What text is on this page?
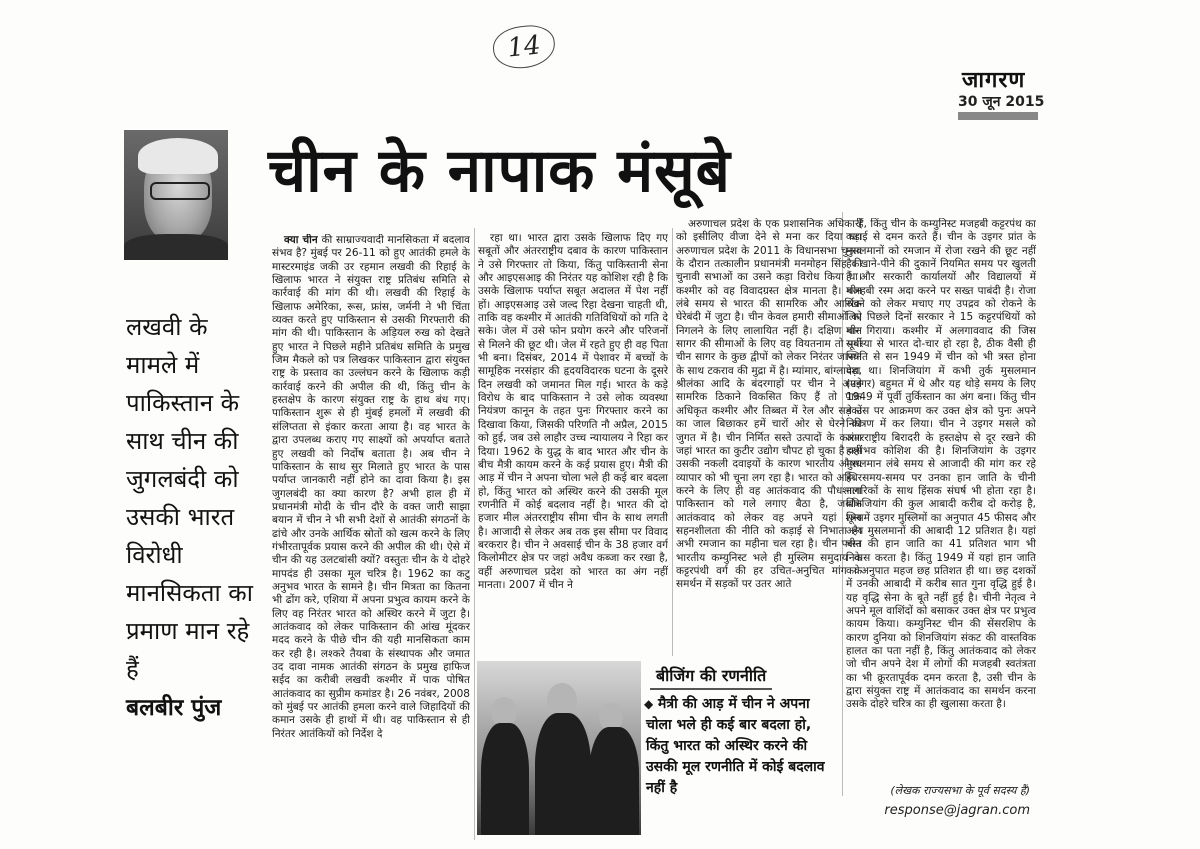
14
जागरण
30 जून 2015
चीन के नापाक मंसूबे
लखवी के मामले में पाकिस्तान के साथ चीन की जुगलबंदी को उसकी भारत विरोधी मानसिकता का प्रमाण मान रहे हैं
बलबीर पुंज

क्या चीन की साम्राज्यवादी मानसिकता में बदलाव संभव है? मुंबई पर 26-11 को हुए आतंकी हमले के मास्टरमाइंड जकी उर रहमान लखवी की रिहाई के खिलाफ भारत ने संयुक्त राष्ट्र प्रतिबंध समिति से कार्रवाई की मांग की थी। लखवी की रिहाई के खिलाफ अमेरिका, रूस, फ्रांस, जर्मनी ने भी चिंता व्यक्त करते हुए पाकिस्तान से उसकी गिरफ्तारी की मांग की थी। पाकिस्तान के अड़ियल रुख को देखते हुए भारत ने पिछले महीने प्रतिबंध समिति के प्रमुख जिम मैकले को पत्र लिखकर पाकिस्तान द्वारा संयुक्त राष्ट्र के प्रस्ताव का उल्लंघन करने के खिलाफ कड़ी कार्रवाई करने की अपील की थी, किंतु चीन के हस्तक्षेप के कारण संयुक्त राष्ट्र के हाथ बंध गए। पाकिस्तान शुरू से ही मुंबई हमलों में लखवी की संलिप्तता से इंकार करता आया है। वह भारत के द्वारा उपलब्ध कराए गए साक्ष्यों को अपर्याप्त बताते हुए लखवी को निर्दोष बताता है। अब चीन ने पाकिस्तान के साथ सुर मिलाते हुए भारत के पास पर्याप्त जानकारी नहीं होने का दावा किया है। इस जुगलबंदी का क्या कारण है? अभी हाल ही में प्रधानमंत्री मोदी के चीन दौरे के वक्त जारी साझा बयान में चीन ने भी सभी देशों से आतंकी संगठनों के ढांचे और उनके आर्थिक स्रोतों को खत्म करने के लिए गंभीरतापूर्वक प्रयास करने की अपील की थी। ऐसे में चीन की यह उलटबांसी क्यों? वस्तुतः चीन के ये दोहरे मापदंड ही उसका मूल चरित्र है। 1962 का कटु अनुभव भारत के सामने है। चीन मित्रता का कितना भी ढोंग करे, एशिया में अपना प्रभुत्व कायम करने के लिए वह निरंतर भारत को अस्थिर करने में जुटा है। आतंकवाद को लेकर पाकिस्तान की आंख मूंदकर मदद करने के पीछे चीन की यही मानसिकता काम कर रही है। लश्करे तैयबा के संस्थापक और जमात उद दावा नामक आतंकी संगठन के प्रमुख हाफिज सईद का करीबी लखवी कश्मीर में पाक पोषित आतंकवाद का सुप्रीम कमांडर है। 26 नवंबर, 2008 को मुंबई पर आतंकी हमला करने वाले जिहादियों की कमान उसके ही हाथों में थी। वह पाकिस्तान से ही निरंतर आतंकियों को निर्देश दे

रहा था। भारत द्वारा उसके खिलाफ दिए गए सबूतों और अंतरराष्ट्रीय दबाव के कारण पाकिस्तान ने उसे गिरफ्तार तो किया, किंतु पाकिस्तानी सेना और आइएसआइ की निरंतर यह कोशिश रही है कि उसके खिलाफ पर्याप्त सबूत अदालत में पेश नहीं हों। आइएसआइ उसे जल्द रिहा देखना चाहती थी, ताकि वह कश्मीर में आतंकी गतिविधियों को गति दे सके। जेल में उसे फोन प्रयोग करने और परिजनों से मिलने की छूट थी। जेल में रहते हुए ही वह पिता भी बना। दिसंबर, 2014 में पेशावर में बच्चों के सामूहिक नरसंहार की हृदयविदारक घटना के दूसरे दिन लखवी को जमानत मिल गई। भारत के कड़े विरोध के बाद पाकिस्तान ने उसे लोक व्यवस्था नियंत्रण कानून के तहत पुनः गिरफ्तार करने का दिखावा किया, जिसकी परिणति नौ अप्रैल, 2015 को हुई, जब उसे लाहौर उच्च न्यायालय ने रिहा कर दिया। 1962 के युद्ध के बाद भारत और चीन के बीच मैत्री कायम करने के कई प्रयास हुए। मैत्री की आड़ में चीन ने अपना चोला भले ही कई बार बदला हो, किंतु भारत को अस्थिर करने की उसकी मूल रणनीति में कोई बदलाव नहीं है। भारत की दो हजार मील अंतरराष्ट्रीय सीमा चीन के साथ लगती है। आजादी से लेकर अब तक इस सीमा पर विवाद बरकरार है। चीन ने अवसाई चीन के 38 हजार वर्ग किलोमीटर क्षेत्र पर जहां अवैध कब्जा कर रखा है, वहीं अरुणाचल प्रदेश को भारत का अंग नहीं मानता। 2007 में चीन ने

अरुणाचल प्रदेश के एक प्रशासनिक अधिकारी को इसीलिए वीजा देने से मना कर दिया था। अरुणाचल प्रदेश के 2011 के विधानसभा चुनाव के दौरान तत्कालीन प्रधानमंत्री मनमोहन सिंह की चुनावी सभाओं का उसने कड़ा विरोध किया था। कश्मीर को वह विवादग्रस्त क्षेत्र मानता है। चीन लंबे समय से भारत की सामरिक और आर्थिक घेरेबंदी में जुटा है। चीन केवल हमारी सीमाओं को निगलने के लिए लालायित नहीं है। दक्षिण चीन सागर की सीमाओं के लिए वह वियतनाम तो पूर्वी चीन सागर के कुछ द्वीपों को लेकर निरंतर जापान के साथ टकराव की मुद्रा में है। म्यांमार, बांग्लादेश, श्रीलंका आदि के बंदरगाहों पर चीन ने अपने सामरिक ठिकाने विकसित किए हैं तो पाक अधिकृत कश्मीर और तिब्बत में रेल और सड़कों का जाल बिछाकर हमें चारों ओर से घेरने की जुगत में है। चीन निर्मित सस्ते उत्पादों के कारण जहां भारत का कुटीर उद्योग चौपट हो चुका है वहीं उसकी नकली दवाइयों के कारण भारतीय औषध व्यापार को भी चूना लग रहा है। भारत को अस्थिर करने के लिए ही वह आतंकवाद की पौधशाला पाकिस्तान को गले लगाए बैठा है, जबकि आतंकवाद को लेकर वह अपने यहां शून्य सहनशीलता की नीति को कड़ाई से निभाता है। अभी रमजान का महीना चल रहा है। चीन परस्त भारतीय कम्युनिस्ट भले ही मुस्लिम समुदाय के कट्टरपंथी वर्ग की हर उचित-अनुचित मांग के समर्थन में सड़कों पर उतर आते

हैं, किंतु चीन के कम्युनिस्ट मजहबी कट्टरपंथ का कड़ाई से दमन करते हैं। चीन के उइगर प्रांत के मुसलमानों को रमजान में रोजा रखने की छूट नहीं है। खाने-पीने की दुकानें नियमित समय पर खुलती हैं और सरकारी कार्यालयों और विद्यालयों में मजहबी रस्म अदा करने पर सख्त पाबंदी है। रोजा रखने को लेकर मचाए गए उपद्रव को रोकने के लिए पिछले दिनों सरकार ने 15 कट्टरपंथियों को मार गिराया। कश्मीर में अलगाववाद की जिस समस्या से भारत दो-चार हो रहा है, ठीक वैसी ही स्थिति से सन 1949 में चीन को भी त्रस्त होना पड़ा था। शिनजियांग में कभी तुर्क मुसलमान (उइगर) बहुमत में थे और यह थोड़े समय के लिए 1949 में पूर्वी तुर्किस्तान का अंग बना। किंतु चीन ने उस पर आक्रमण कर उक्त क्षेत्र को पुनः अपने नियंत्रण में कर लिया। चीन ने उइगर मसले को अंतरराष्ट्रीय बिरादरी के हस्तक्षेप से दूर रखने की हरसंभव कोशिश की है। शिनजियांग के उइगर मुसलमान लंबे समय से आजादी की मांग कर रहे हैं। समय-समय पर उनका हान जाति के चीनी नागरिकों के साथ हिंसक संघर्ष भी होता रहा है। शिनजियांग की कुल आबादी करीब दो करोड़ है, जिसमें उइगर मुस्लिमों का अनुपात 45 फीसद और अन्य मुसलमानों की आबादी 12 प्रतिशत है। यहां चीन की हान जाति का 41 प्रतिशत भाग भी निवास करता है। किंतु 1949 में यहां हान जाति का अनुपात महज छह प्रतिशत ही था। छह दशकों में उनकी आबादी में करीब सात गुना वृद्धि हुई है। यह वृद्धि सेना के बूते नहीं हुई है। चीनी नेतृत्व ने अपने मूल वाशिंदों को बसाकर उक्त क्षेत्र पर प्रभुत्व कायम किया। कम्युनिस्ट चीन की सेंसरशिप के कारण दुनिया को शिनजियांग संकट की वास्तविक हालत का पता नहीं है, किंतु आतंकवाद को लेकर जो चीन अपने देश में लोगों की मजहबी स्वतंत्रता का भी क्रूरतापूर्वक दमन करता है, उसी चीन के द्वारा संयुक्त राष्ट्र में आतंकवाद का समर्थन करना उसके दोहरे चरित्र का ही खुलासा करता है।

बीजिंग की रणनीति
◆ मैत्री की आड़ में चीन ने अपना चोला भले ही कई बार बदला हो, किंतु भारत को अस्थिर करने की उसकी मूल रणनीति में कोई बदलाव नहीं है	(लेखक राज्यसभा के पूर्व सदस्य हैं)
response@jagran.com
